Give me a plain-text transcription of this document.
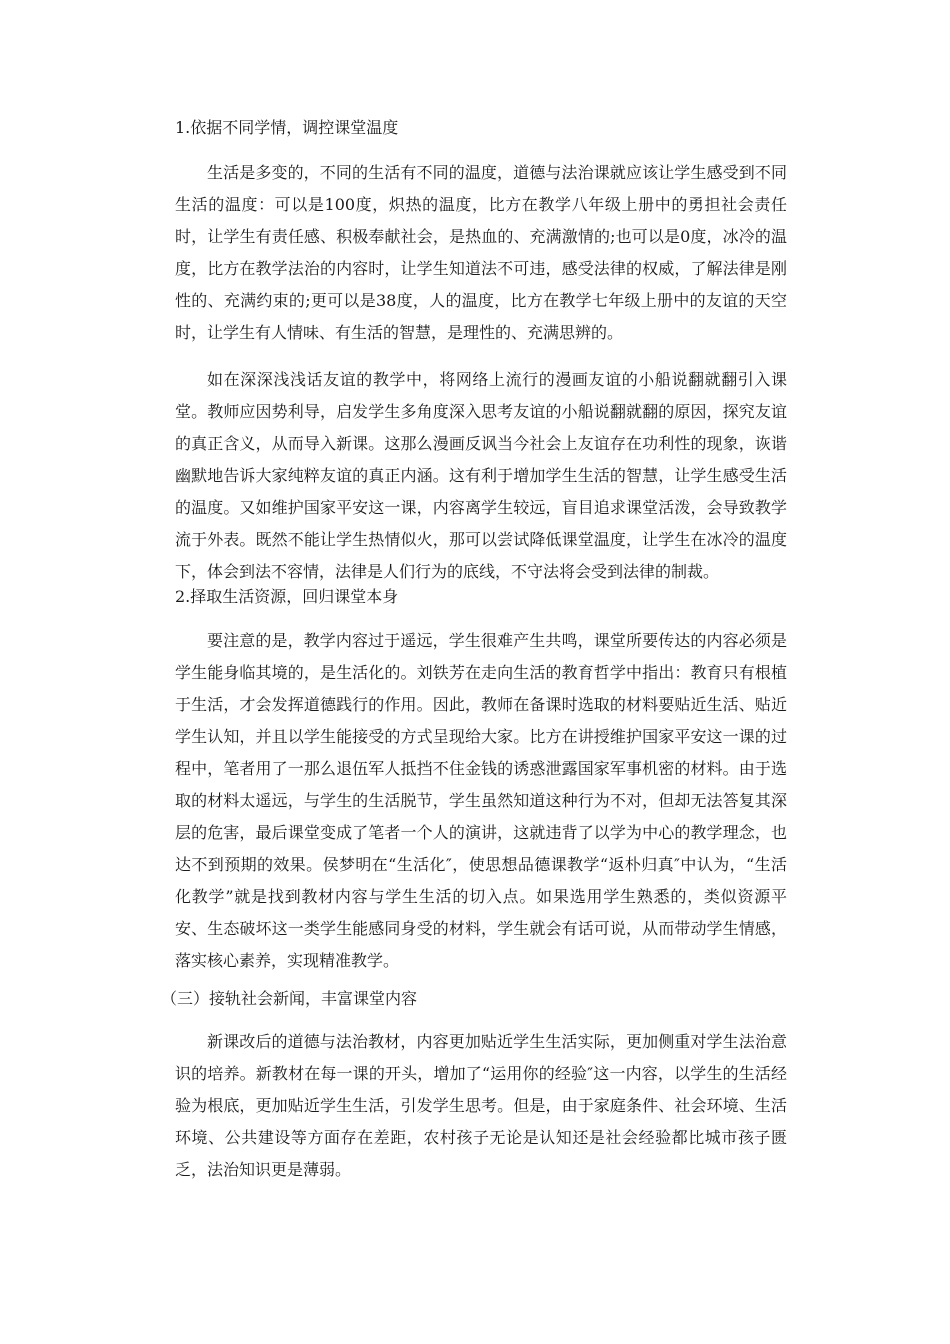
1.依据不同学情，调控课堂温度

生活是多变的，不同的生活有不同的温度，道德与法治课就应该让学生感受到不同生活的温度：可以是100度，炽热的温度，比方在教学八年级上册中的勇担社会责任时，让学生有责任感、积极奉献社会，是热血的、充满激情的;也可以是0度，冰冷的温度，比方在教学法治的内容时，让学生知道法不可违，感受法律的权威，了解法律是刚性的、充满约束的;更可以是38度，人的温度，比方在教学七年级上册中的友谊的天空时，让学生有人情味、有生活的智慧，是理性的、充满思辨的。

如在深深浅浅话友谊的教学中，将网络上流行的漫画友谊的小船说翻就翻引入课堂。教师应因势利导，启发学生多角度深入思考友谊的小船说翻就翻的原因，探究友谊的真正含义，从而导入新课。这那么漫画反讽当今社会上友谊存在功利性的现象，诙谐幽默地告诉大家纯粹友谊的真正内涵。这有利于增加学生生活的智慧，让学生感受生活的温度。又如维护国家平安这一课，内容离学生较远，盲目追求课堂活泼，会导致教学流于外表。既然不能让学生热情似火，那可以尝试降低课堂温度，让学生在冰冷的温度下，体会到法不容情，法律是人们行为的底线，不守法将会受到法律的制裁。

2.择取生活资源，回归课堂本身

要注意的是，教学内容过于遥远，学生很难产生共鸣，课堂所要传达的内容必须是学生能身临其境的，是生活化的。刘铁芳在走向生活的教育哲学中指出：教育只有根植于生活，才会发挥道德践行的作用。因此，教师在备课时选取的材料要贴近生活、贴近学生认知，并且以学生能接受的方式呈现给大家。比方在讲授维护国家平安这一课的过程中，笔者用了一那么退伍军人抵挡不住金钱的诱惑泄露国家军事机密的材料。由于选取的材料太遥远，与学生的生活脱节，学生虽然知道这种行为不对，但却无法答复其深层的危害，最后课堂变成了笔者一个人的演讲，这就违背了以学为中心的教学理念，也达不到预期的效果。侯梦明在“生活化″，使思想品德课教学“返朴归真″中认为，“生活化教学”就是找到教材内容与学生生活的切入点。如果选用学生熟悉的，类似资源平安、生态破坏这一类学生能感同身受的材料，学生就会有话可说，从而带动学生情感，落实核心素养，实现精准教学。

（三）接轨社会新闻，丰富课堂内容

新课改后的道德与法治教材，内容更加贴近学生生活实际，更加侧重对学生法治意识的培养。新教材在每一课的开头，增加了“运用你的经验″这一内容，以学生的生活经验为根底，更加贴近学生生活，引发学生思考。但是，由于家庭条件、社会环境、生活环境、公共建设等方面存在差距，农村孩子无论是认知还是社会经验都比城市孩子匮乏，法治知识更是薄弱。
